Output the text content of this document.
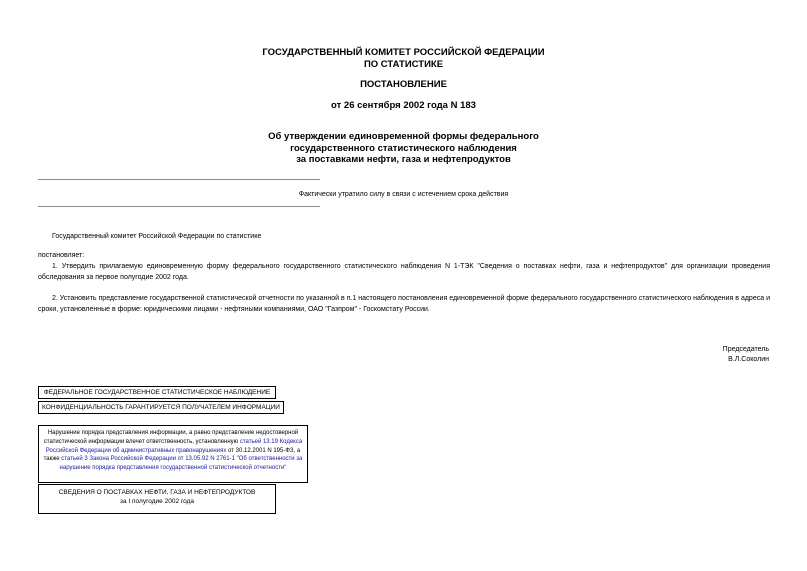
ГОСУДАРСТВЕННЫЙ КОМИТЕТ РОССИЙСКОЙ ФЕДЕРАЦИИ
ПО СТАТИСТИКЕ
ПОСТАНОВЛЕНИЕ
от 26 сентября 2002 года N 183
Об утверждении единовременной формы федерального
государственного статистического наблюдения
за поставками нефти, газа и нефтепродуктов
Фактически утратило силу в связи с истечением срока действия
Государственный комитет Российской Федерации по статистике
постановляет:
1. Утвердить прилагаемую единовременную форму федерального государственного статистического наблюдения N 1-ТЭК "Сведения о поставках нефти, газа и нефтепродуктов" для организации проведения обследования за первое полугодие 2002 года.
2. Установить представление государственной статистической отчетности по указанной в п.1 настоящего постановления единовременной форме федерального государственного статистического наблюдения в адреса и сроки, установленные в форме: юридическими лицами - нефтяными компаниями, ОАО "Газпром" - Госкомстату России.
Председатель
В.Л.Соколин
ФЕДЕРАЛЬНОЕ ГОСУДАРСТВЕННОЕ СТАТИСТИЧЕСКОЕ НАБЛЮДЕНИЕ
КОНФИДЕНЦИАЛЬНОСТЬ ГАРАНТИРУЕТСЯ ПОЛУЧАТЕЛЕМ ИНФОРМАЦИИ
Нарушение порядка представления информации, а равно представление недостоверной статистической информации влечет ответственность, установленную статьей 13.19 Кодекса Российской Федерации об административных правонарушениях от 30.12.2001 N 195-ФЗ, а также статьей 3 Закона Российской Федерации от 13.05.92 N 2761-1 "Об ответственности за нарушение порядка представления государственной статистической отчетности"
СВЕДЕНИЯ О ПОСТАВКАХ НЕФТИ, ГАЗА И НЕФТЕПРОДУКТОВ
за I полугодие 2002 года
